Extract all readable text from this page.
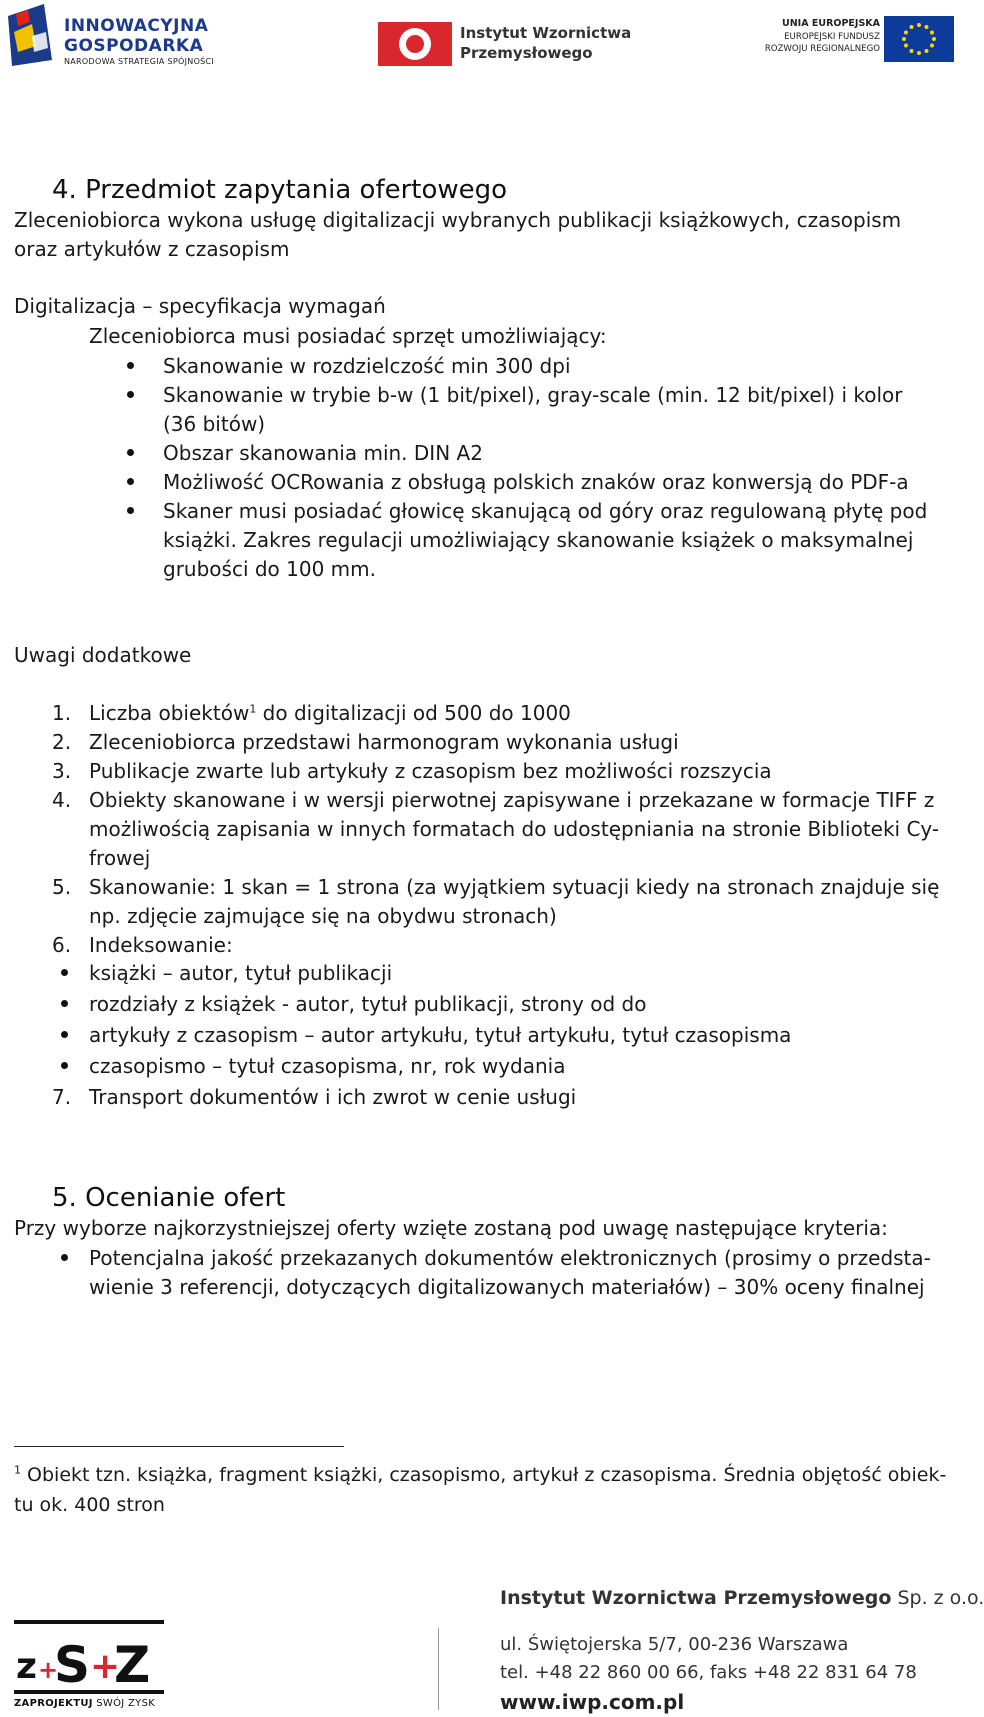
INNOWACYJNA
GOSPODARKA
NARODOWA STRATEGIA SPÓJNOŚCI
Instytut Wzornictwa
Przemysłowego
UNIA EUROPEJSKA
EUROPEJSKI FUNDUSZ
ROZWOJU REGIONALNEGO
4. Przedmiot zapytania ofertowego
Zleceniobiorca wykona usługę digitalizacji wybranych publikacji książkowych, czasopism
oraz artykułów z czasopism
Digitalizacja – specyfikacja wymagań
Zleceniobiorca musi posiadać sprzęt umożliwiający:
Skanowanie w rozdzielczość min 300 dpi
Skanowanie w trybie b-w (1 bit/pixel), gray-scale (min. 12 bit/pixel) i kolor
(36 bitów)
Obszar skanowania min. DIN A2
Możliwość OCRowania z obsługą polskich znaków oraz konwersją do PDF-a
Skaner musi posiadać głowicę skanującą od góry oraz regulowaną płytę pod
książki. Zakres regulacji umożliwiający skanowanie książek o maksymalnej
grubości do 100 mm.
Uwagi dodatkowe
1. Liczba obiektów$^1$ do digitalizacji od 500 do 1000
2. Zleceniobiorca przedstawi harmonogram wykonania usługi
3. Publikacje zwarte lub artykuły z czasopism bez możliwości rozszycia
4. Obiekty skanowane i w wersji pierwotnej zapisywane i przekazane w formacje TIFF z
możliwością zapisania w innych formatach do udostępniania na stronie Biblioteki Cy-
frowej
5. Skanowanie: 1 skan = 1 strona (za wyjątkiem sytuacji kiedy na stronach znajduje się
np. zdjęcie zajmujące się na obydwu stronach)
6. Indeksowanie:
książki – autor, tytuł publikacji
rozdziały z książek - autor, tytuł publikacji, strony od do
artykuły z czasopism – autor artykułu, tytuł artykułu, tytuł czasopisma
czasopismo – tytuł czasopisma, nr, rok wydania
7. Transport dokumentów i ich zwrot w cenie usługi
5. Ocenianie ofert
Przy wyborze najkorzystniejszej oferty wzięte zostaną pod uwagę następujące kryteria:
Potencjalna jakość przekazanych dokumentów elektronicznych (prosimy o przedsta-
wienie 3 referencji, dotyczących digitalizowanych materiałów) – 30% oceny finalnej
$^1$ Obiekt tzn. książka, fragment książki, czasopismo, artykuł z czasopisma. Średnia objętość obiek-
tu ok. 400 stron
z +
S +
Z
ZAPROJEKTUJ SWÓJ ZYSK
Instytut Wzornictwa Przemysłowego Sp. z o.o.
ul. Świętojerska 5/7, 00-236 Warszawa
tel. +48 22 860 00 66, faks +48 22 831 64 78
www.iwp.com.pl
